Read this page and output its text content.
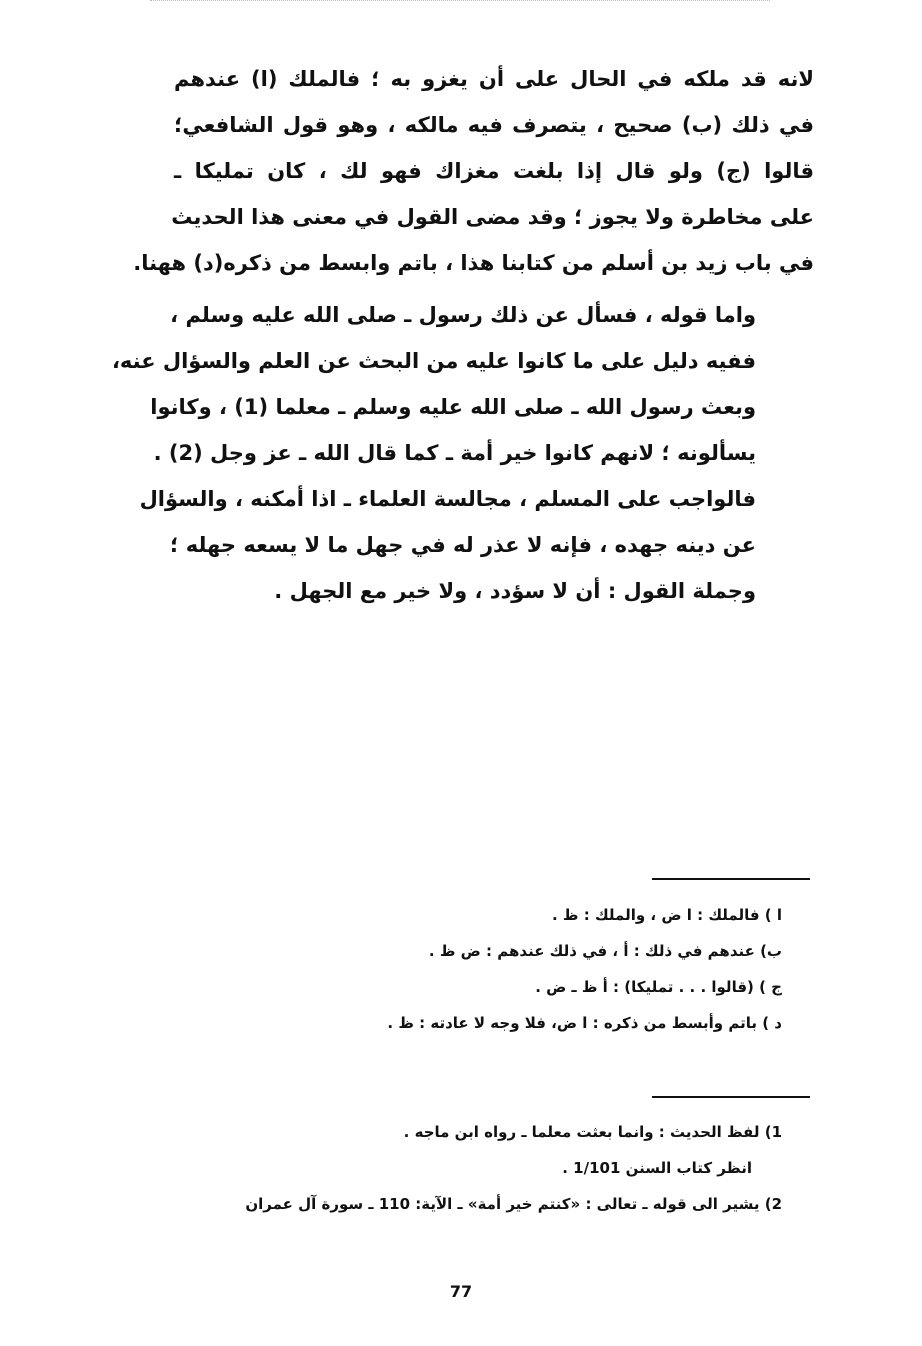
لانه قد ملكه في الحال على أن يغزو به ؛ فالملك (ا) عندهم
في ذلك (ب) صحيح ، يتصرف فيه مالكه ، وهو قول الشافعي؛
قالوا (ج) ولو قال إذا بلغت مغزاك فهو لك ، كان تمليكا ـ
على مخاطرة ولا يجوز ؛ وقد مضى القول في معنى هذا الحديث
في باب زيد بن أسلم من كتابنا هذا ، باتم وابسط من ذكره(د) ههنا.

واما قوله ، فسأل عن ذلك رسول ـ صلى الله عليه وسلم ،
ففيه دليل على ما كانوا عليه من البحث عن العلم والسؤال عنه،
وبعث رسول الله ـ صلى الله عليه وسلم ـ معلما (1) ، وكانوا
يسألونه ؛ لانهم كانوا خير أمة ـ كما قال الله ـ عز وجل (2) .
فالواجب على المسلم ، مجالسة العلماء ـ اذا أمكنه ، والسؤال
عن دينه جهده ، فإنه لا عذر له في جهل ما لا يسعه جهله ؛
وجملة القول : أن لا سؤدد ، ولا خير مع الجهل .

ا ) فالملك : ا ض ، والملك : ظ .
ب) عندهم في ذلك : أ ، في ذلك عندهم : ض ظ .
ج ) (قالوا . . . تمليكا) : أ ظ ـ ض .
د ) باتم وأبسط من ذكره : ا ض، فلا وجه لا عادته : ظ .
1) لفظ الحديث : وانما بعثت معلما ـ رواه ابن ماجه .
انظر كتاب السنن 1/101 .
2) يشير الى قوله ـ تعالى : «كنتم خير أمة» ـ الآية: 110 ـ سورة آل عمران
77
